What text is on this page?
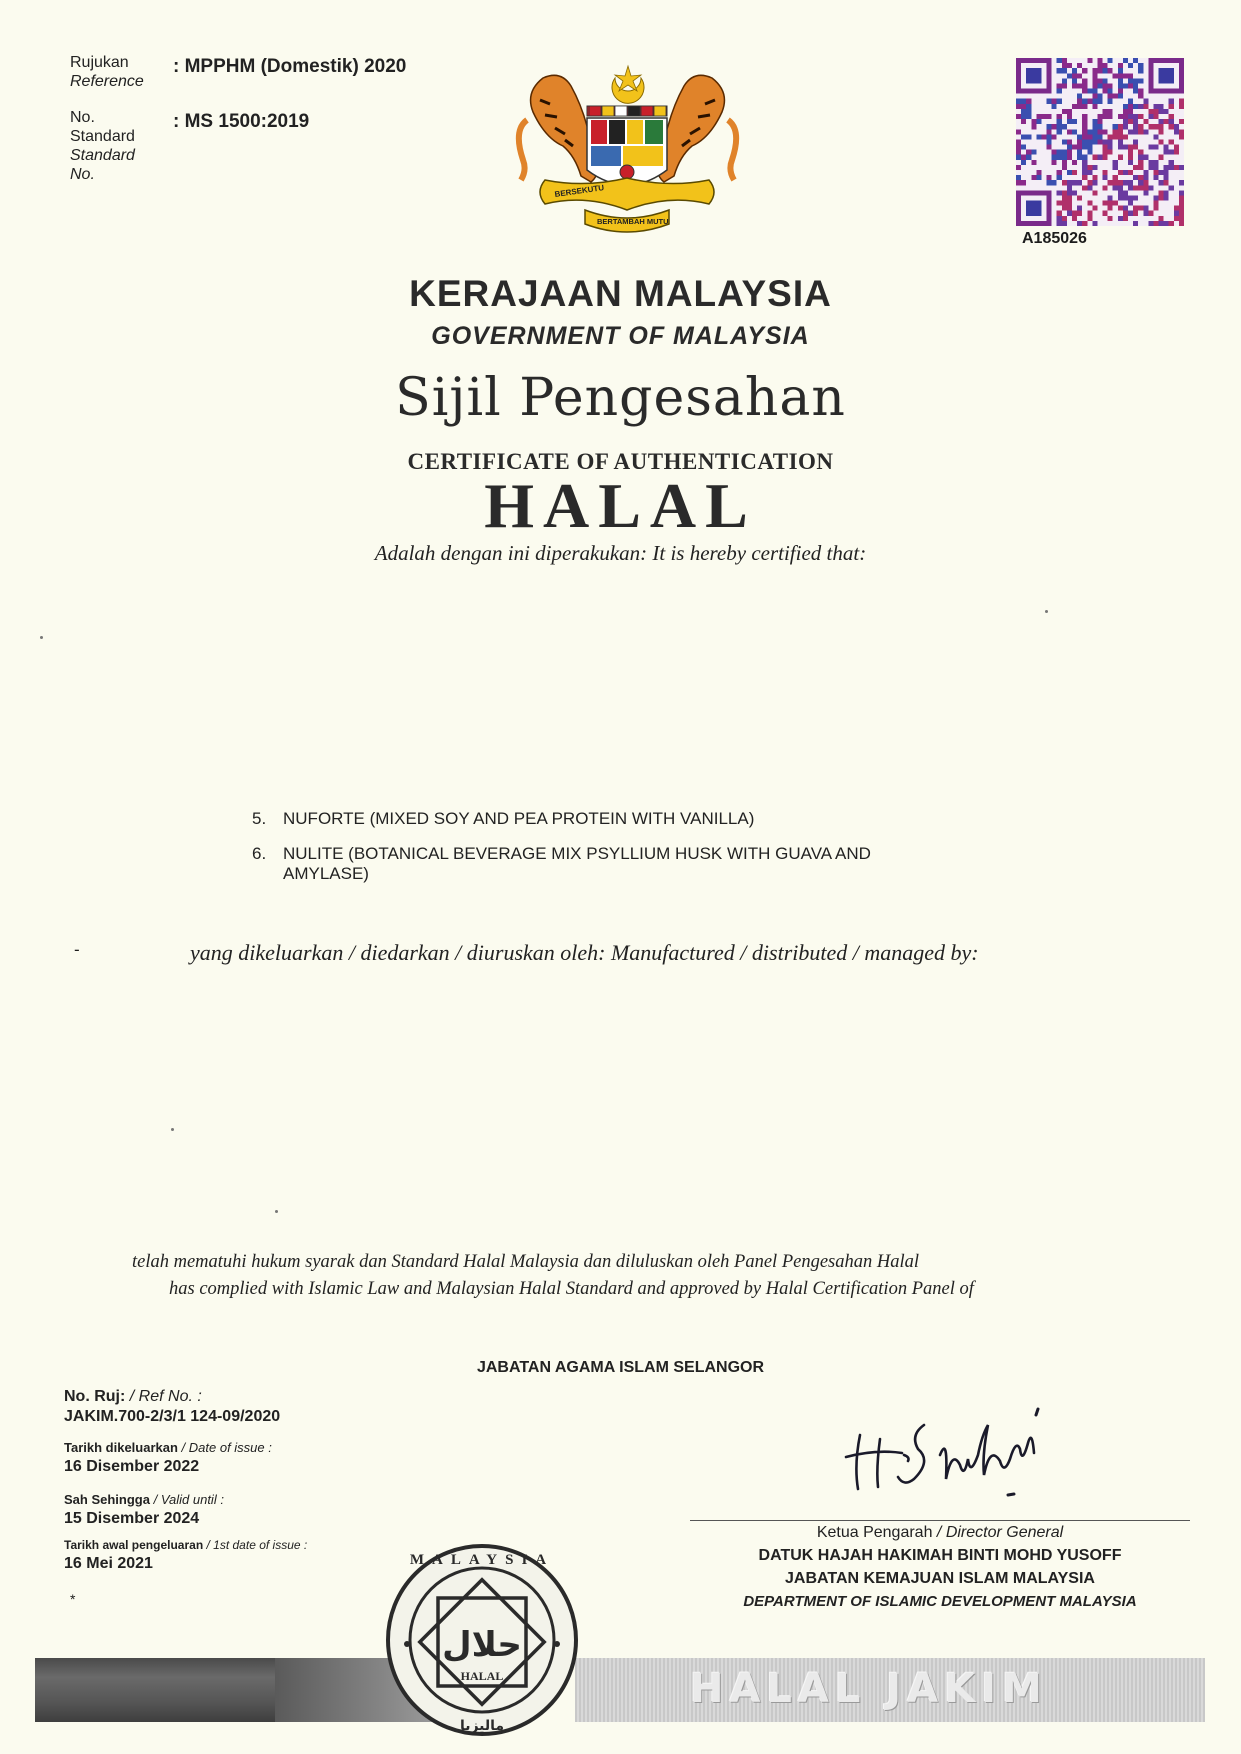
Rujukan
Reference
: MPPHM (Domestik) 2020
No.
Standard
Standard
No.
: MS 1500:2019
BERSEKUTU
BERTAMBAH MUTU
A185026
KERAJAAN MALAYSIA
GOVERNMENT OF MALAYSIA
Sijil Pengesahan
CERTIFICATE OF AUTHENTICATION
HALAL
Adalah dengan ini diperakukan: It is hereby certified that:
5. NUFORTE (MIXED SOY AND PEA PROTEIN WITH VANILLA)
6. NULITE (BOTANICAL BEVERAGE MIX PSYLLIUM HUSK WITH GUAVA AND
AMYLASE)
-	yang dikeluarkan / diedarkan / diuruskan oleh: Manufactured / distributed / managed by:
telah mematuhi hukum syarak dan Standard Halal Malaysia dan diluluskan oleh Panel Pengesahan Halal
has complied with Islamic Law and Malaysian Halal Standard and approved by Halal Certification Panel of
JABATAN AGAMA ISLAM SELANGOR
No. Ruj: / Ref No. :
JAKIM.700-2/3/1 124-09/2020
Tarikh dikeluarkan / Date of issue :
16 Disember 2022
Sah Sehingga / Valid until :
15 Disember 2024
Tarikh awal pengeluaran / 1st date of issue :
16 Mei 2021
*
Ketua Pengarah / Director General
DATUK HAJAH HAKIMAH BINTI MOHD YUSOFF
JABATAN KEMAJUAN ISLAM MALAYSIA
DEPARTMENT OF ISLAMIC DEVELOPMENT MALAYSIA
HALAL JAKIM
MALAYSIA
حلال
HALAL
ماليزيا
